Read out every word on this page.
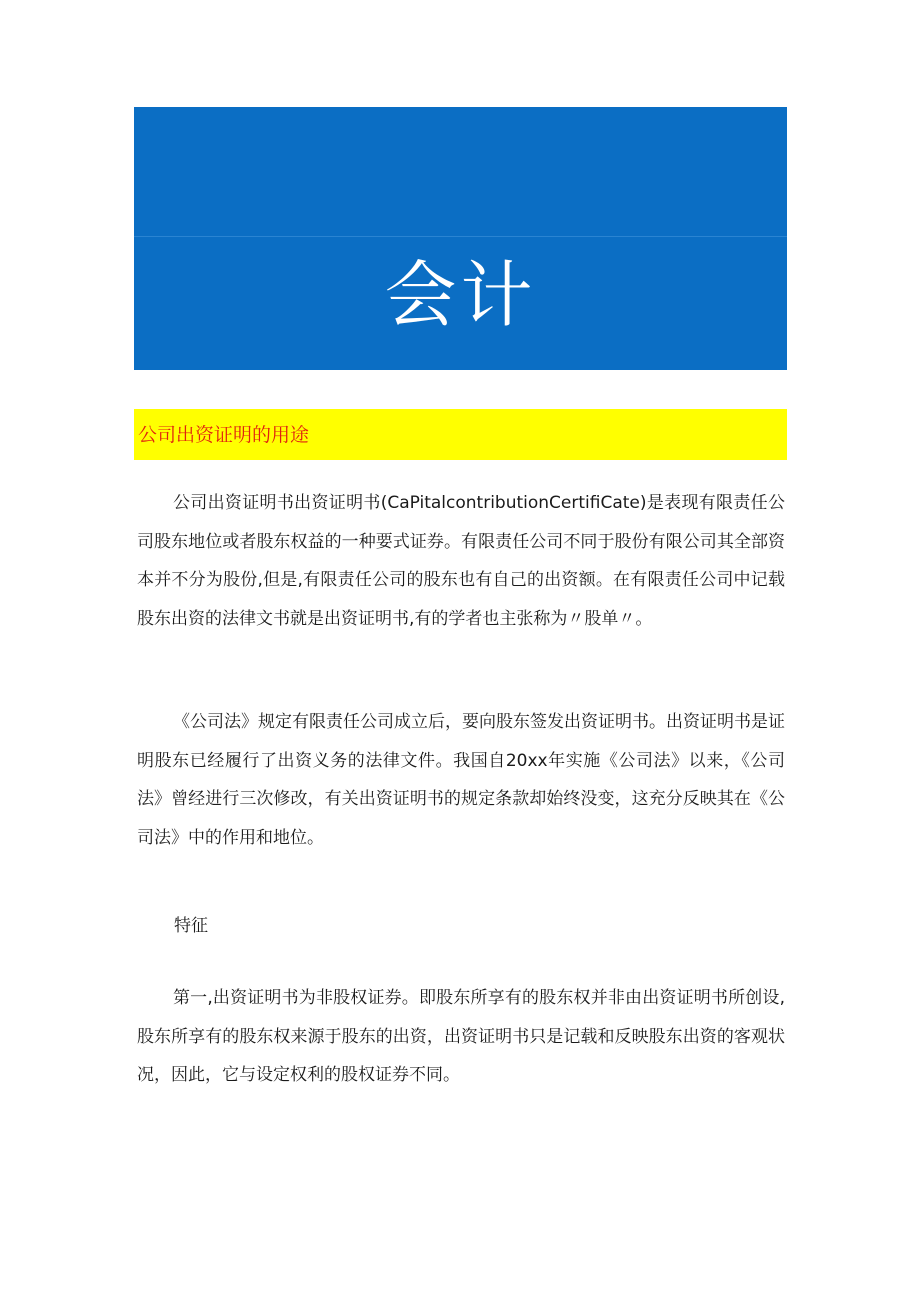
会计
公司出资证明的用途

公司出资证明书出资证明书(CaPitalcontributionCertifiCate)是表现有限责任公司股东地位或者股东权益的一种要式证券。有限责任公司不同于股份有限公司其全部资本并不分为股份,但是,有限责任公司的股东也有自己的出资额。在有限责任公司中记载股东出资的法律文书就是出资证明书,有的学者也主张称为〃股单〃。

《公司法》规定有限责任公司成立后，要向股东签发出资证明书。出资证明书是证明股东已经履行了出资义务的法律文件。我国自20xx年实施《公司法》以来，《公司法》曾经进行三次修改，有关出资证明书的规定条款却始终没变，这充分反映其在《公司法》中的作用和地位。

特征

第一,出资证明书为非股权证券。即股东所享有的股东权并非由出资证明书所创设,股东所享有的股东权来源于股东的出资，出资证明书只是记载和反映股东出资的客观状况，因此，它与设定权利的股权证券不同。
